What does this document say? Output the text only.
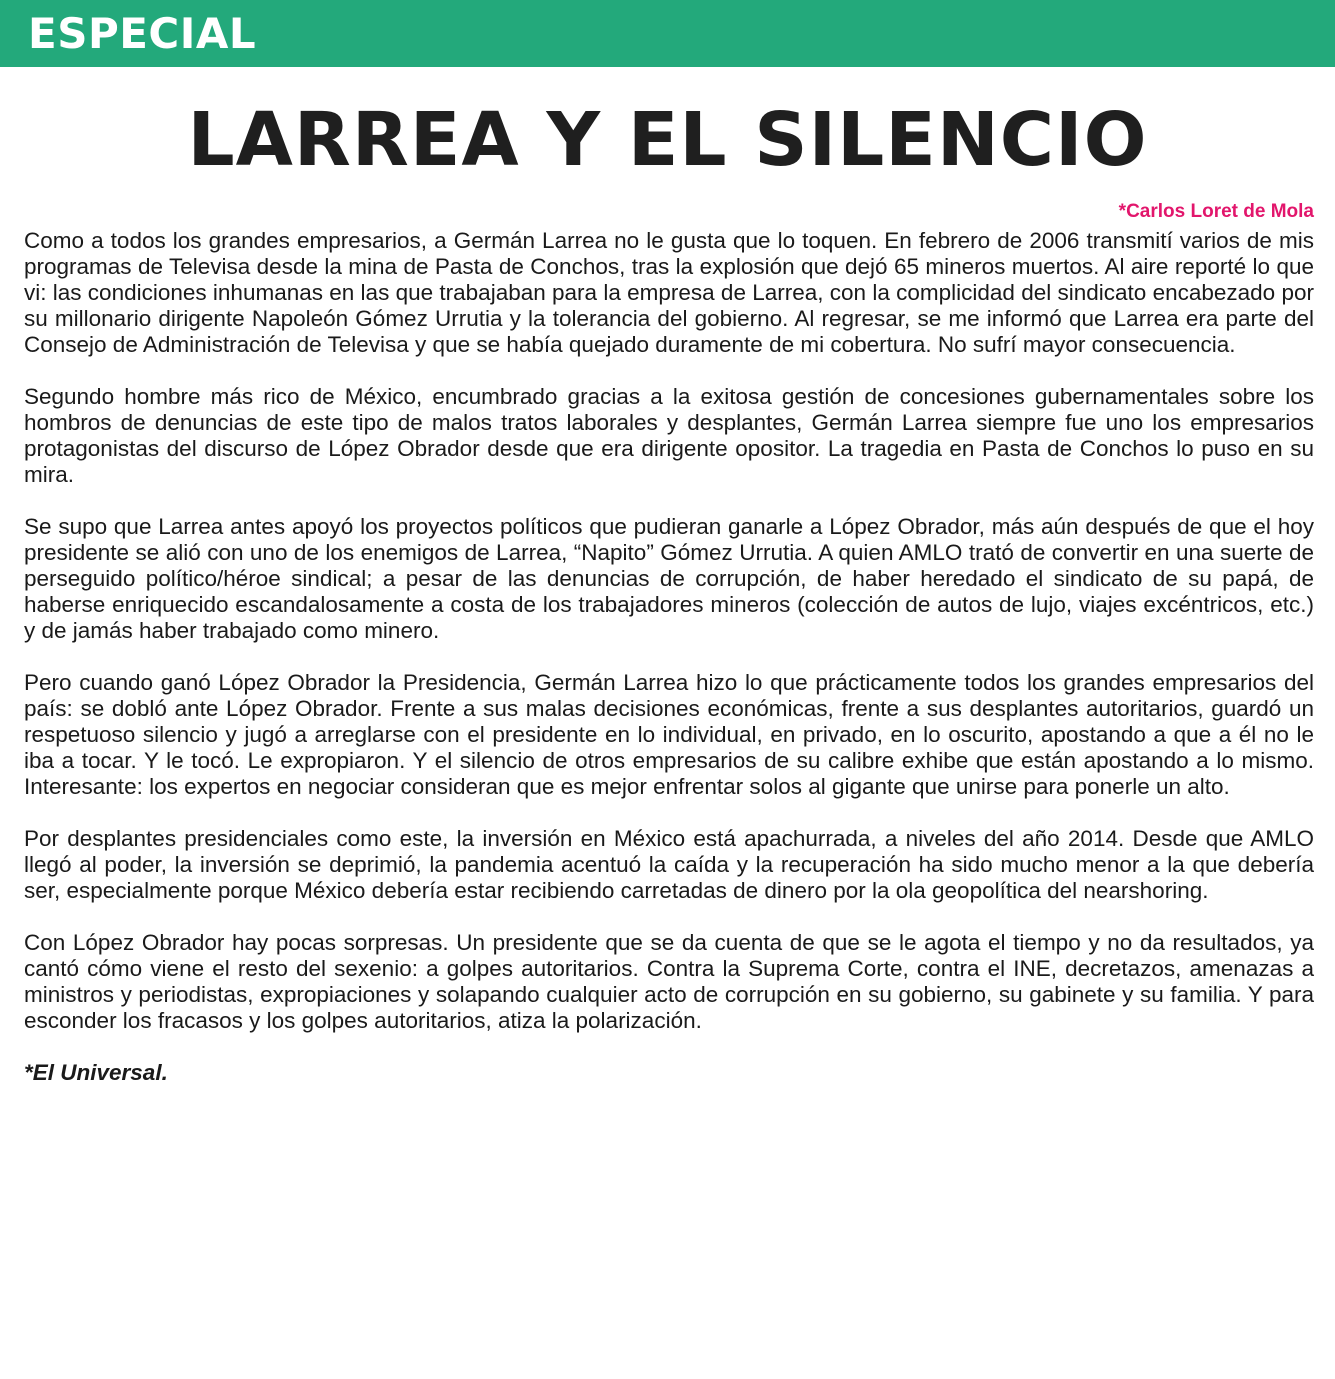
ESPECIAL
LARREA Y EL SILENCIO
*Carlos Loret de Mola

Como a todos los grandes empresarios, a Germán Larrea no le gusta que lo toquen. En febrero de 2006 transmití varios de mis programas de Televisa desde la mina de Pasta de Conchos, tras la explosión que dejó 65 mineros muertos. Al aire reporté lo que vi: las condiciones inhumanas en las que trabajaban para la empresa de Larrea, con la complicidad del sindicato encabezado por su millonario dirigente Napoleón Gómez Urrutia y la tolerancia del gobierno. Al regresar, se me informó que Larrea era parte del Consejo de Administración de Televisa y que se había quejado duramente de mi cobertura. No sufrí mayor consecuencia.

Segundo hombre más rico de México, encumbrado gracias a la exitosa gestión de concesiones gubernamentales sobre los hombros de denuncias de este tipo de malos tratos laborales y desplantes, Germán Larrea siempre fue uno los empresarios protagonistas del discurso de López Obrador desde que era dirigente opositor. La tragedia en Pasta de Conchos lo puso en su mira.

Se supo que Larrea antes apoyó los proyectos políticos que pudieran ganarle a López Obrador, más aún después de que el hoy presidente se alió con uno de los enemigos de Larrea, “Napito” Gómez Urrutia. A quien AMLO trató de convertir en una suerte de perseguido político/héroe sindical; a pesar de las denuncias de corrupción, de haber heredado el sindicato de su papá, de haberse enriquecido escandalosamente a costa de los trabajadores mineros (colección de autos de lujo, viajes excéntricos, etc.) y de jamás haber trabajado como minero.

Pero cuando ganó López Obrador la Presidencia, Germán Larrea hizo lo que prácticamente todos los grandes empresarios del país: se dobló ante López Obrador. Frente a sus malas decisiones económicas, frente a sus desplantes autoritarios, guardó un respetuoso silencio y jugó a arreglarse con el presidente en lo individual, en privado, en lo oscurito, apostando a que a él no le iba a tocar. Y le tocó. Le expropiaron. Y el silencio de otros empresarios de su calibre exhibe que están apostando a lo mismo. Interesante: los expertos en negociar consideran que es mejor enfrentar solos al gigante que unirse para ponerle un alto.

Por desplantes presidenciales como este, la inversión en México está apachurrada, a niveles del año 2014. Desde que AMLO llegó al poder, la inversión se deprimió, la pandemia acentuó la caída y la recuperación ha sido mucho menor a la que debería ser, especialmente porque México debería estar recibiendo carretadas de dinero por la ola geopolítica del nearshoring.

Con López Obrador hay pocas sorpresas. Un presidente que se da cuenta de que se le agota el tiempo y no da resultados, ya cantó cómo viene el resto del sexenio: a golpes autoritarios. Contra la Suprema Corte, contra el INE, decretazos, amenazas a ministros y periodistas, expropiaciones y solapando cualquier acto de corrupción en su gobierno, su gabinete y su familia. Y para esconder los fracasos y los golpes autoritarios, atiza la polarización.

*El Universal.
